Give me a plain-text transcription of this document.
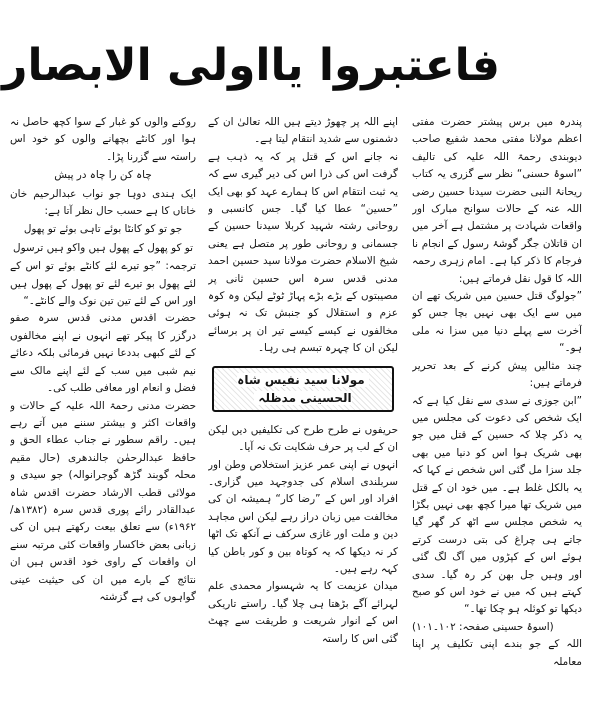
فاعتبروا یااولی الابصار

پندرہ میں برس پیشتر حضرت مفتی اعظم مولانا مفتی محمد شفیع صاحب دیوبندی رحمۃ اللہ علیہ کی تالیف ”اسوۂ حسنی“ نظر سے گزری یہ کتاب ریحانۂ النبی حضرت سیدنا حسین رضی اللہ عنہ کے حالات سوانح مبارک اور واقعات شہادت پر مشتمل ہے آخر میں ان قاتلان جگر گوشۂ رسول کے انجام نا فرجام کا ذکر کیا ہے۔ امام زہری رحمہ اللہ کا قول نقل فرماتے ہیں:

”جولوگ قتل حسین میں شریک تھے ان میں سے ایک بھی نہیں بچا جس کو آخرت سے پہلے دنیا میں سزا نہ ملی ہو۔“

چند مثالیں پیش کرنے کے بعد تحریر فرماتے ہیں:

”ابن جوزی نے سدی سے نقل کیا ہے کہ ایک شخص کی دعوت کی مجلس میں یہ ذکر چلا کہ حسین کے قتل میں جو بھی شریک ہوا اس کو دنیا میں بھی جلد سزا مل گئی اس شخص نے کہا کہ یہ بالکل غلط ہے۔ میں خود ان کے قتل میں شریک تھا میرا کچھ بھی نہیں بگڑا یہ شخص مجلس سے اٹھ کر گھر گیا جاتے ہی چراغ کی بتی درست کرتے ہوئے اس کے کپڑوں میں آگ لگ گئی اور وہیں جل بھن کر رہ گیا۔ سدی کہتے ہیں کہ میں نے خود اس کو صبح دیکھا تو کوئلہ ہو چکا تھا۔“

(اسوۂ حسینی صفحہ: ۱۰۲۔۱۰۱)

اللہ کے جو بندے اپنی تکلیف پر اپنا معاملہ

اپنے اللہ پر چھوڑ دیتے ہیں اللہ تعالیٰ ان کے دشمنوں سے شدید انتقام لیتا ہے۔

نہ جانے اس کے قتل پر کہ یہ ذہب ہے گرفت اس کی ذرا اس کی دیر گیری سے کہ یہ ثبت انتقام اس کا ہمارے عہد کو بھی ایک ”حسین“ عطا کیا گیا۔ جس کانسبی و روحانی رشتہ شہید کربلا سیدنا حسین کے جسمانی و روحانی طور پر متصل ہے یعنی شیخ الاسلام حضرت مولانا سید حسین احمد مدنی قدس سرہ اس حسین ثانی پر مصیبتوں کے بڑے بڑے پہاڑ ٹوٹے لیکن وہ کوہ عزم و استقلال کو جنبش تک نہ ہوئی مخالفوں نے کیسے کیسے تیر ان پر برسائے لیکن ان کا چہرہ تبسم ہی رہا۔

مولانا سید نفیس شاہ الحسینی مدظلہ

حریفوں نے طرح طرح کی تکلیفیں دیں لیکن ان کے لب پر حرف شکایت تک نہ آیا۔

انہوں نے اپنی عمر عزیز استخلاص وطن اور سربلندی اسلام کی جدوجہد میں گزاری۔ افراد اور اس کے ”رضا کار“ ہمیشہ ان کی مخالفت میں زبان دراز رہے لیکن اس مجاہد دین و ملت اور غازی سرکف نے آنکھ تک اٹھا کر نہ دیکھا کہ یہ کوتاہ بین و کور باطن کیا کہہ رہے ہیں۔

میدان عزیمت کا یہ شہسوار محمدی علم لہرائے آگے بڑھتا ہی چلا گیا۔ راستے تاریکی اس کے انوار شریعت و طریقت سے چھٹ گئی اس کا راستہ

روکنے والوں کو غبار کے سوا کچھ حاصل نہ ہوا اور کانٹے بچھانے والوں کو خود اس راستہ سے گزرنا پڑا۔

چاہ کن را چاہ در پیش

ایک ہندی دوہا جو نواب عبدالرحیم خان خاناں کا ہے حسب حال نظر آتا ہے:

جو تو کو کانٹا بوئے تاہی بوئے تو پھول

تو کو پھول کے پھول ہیں واکو ہیں ترسول

ترجمہ: ”جو تیرے لئے کانٹے بوئے تو اس کے لئے پھول بو تیرے لئے تو پھول کے پھول ہیں اور اس کے لئے تین تین نوک والے کانٹے۔“

حضرت اقدس مدنی قدس سرہ صفو درگزر کا پیکر تھے انہوں نے اپنے مخالفوں کے لئے کبھی بددعا نہیں فرمائی بلکہ دعائے نیم شبی میں سب کے لئے اپنے مالک سے فضل و انعام اور معافی طلب کی۔

حضرت مدنی رحمۃ اللہ علیہ کے حالات و واقعات اکثر و بیشتر سننے میں آتے رہے ہیں۔ راقم سطور نے جناب عطاء الحق و حافظ عبدالرحمٰن جالندھری (حال مقیم محلہ گوبند گڑھ گوجرانوالہ) جو سیدی و مولائی قطب الارشاد حضرت اقدس شاہ عبدالقادر رائے پوری قدس سرہ (۱۳۸۲ھ/۱۹۶۲ء) سے تعلق بیعت رکھتے ہیں ان کی زبانی بعض خاکسار واقعات کئی مرتبہ سنے ان واقعات کے راوی خود اقدس ہیں ان نتائج کے بارے میں ان کی حیثیت عینی گواہوں کی ہے گزشتہ
